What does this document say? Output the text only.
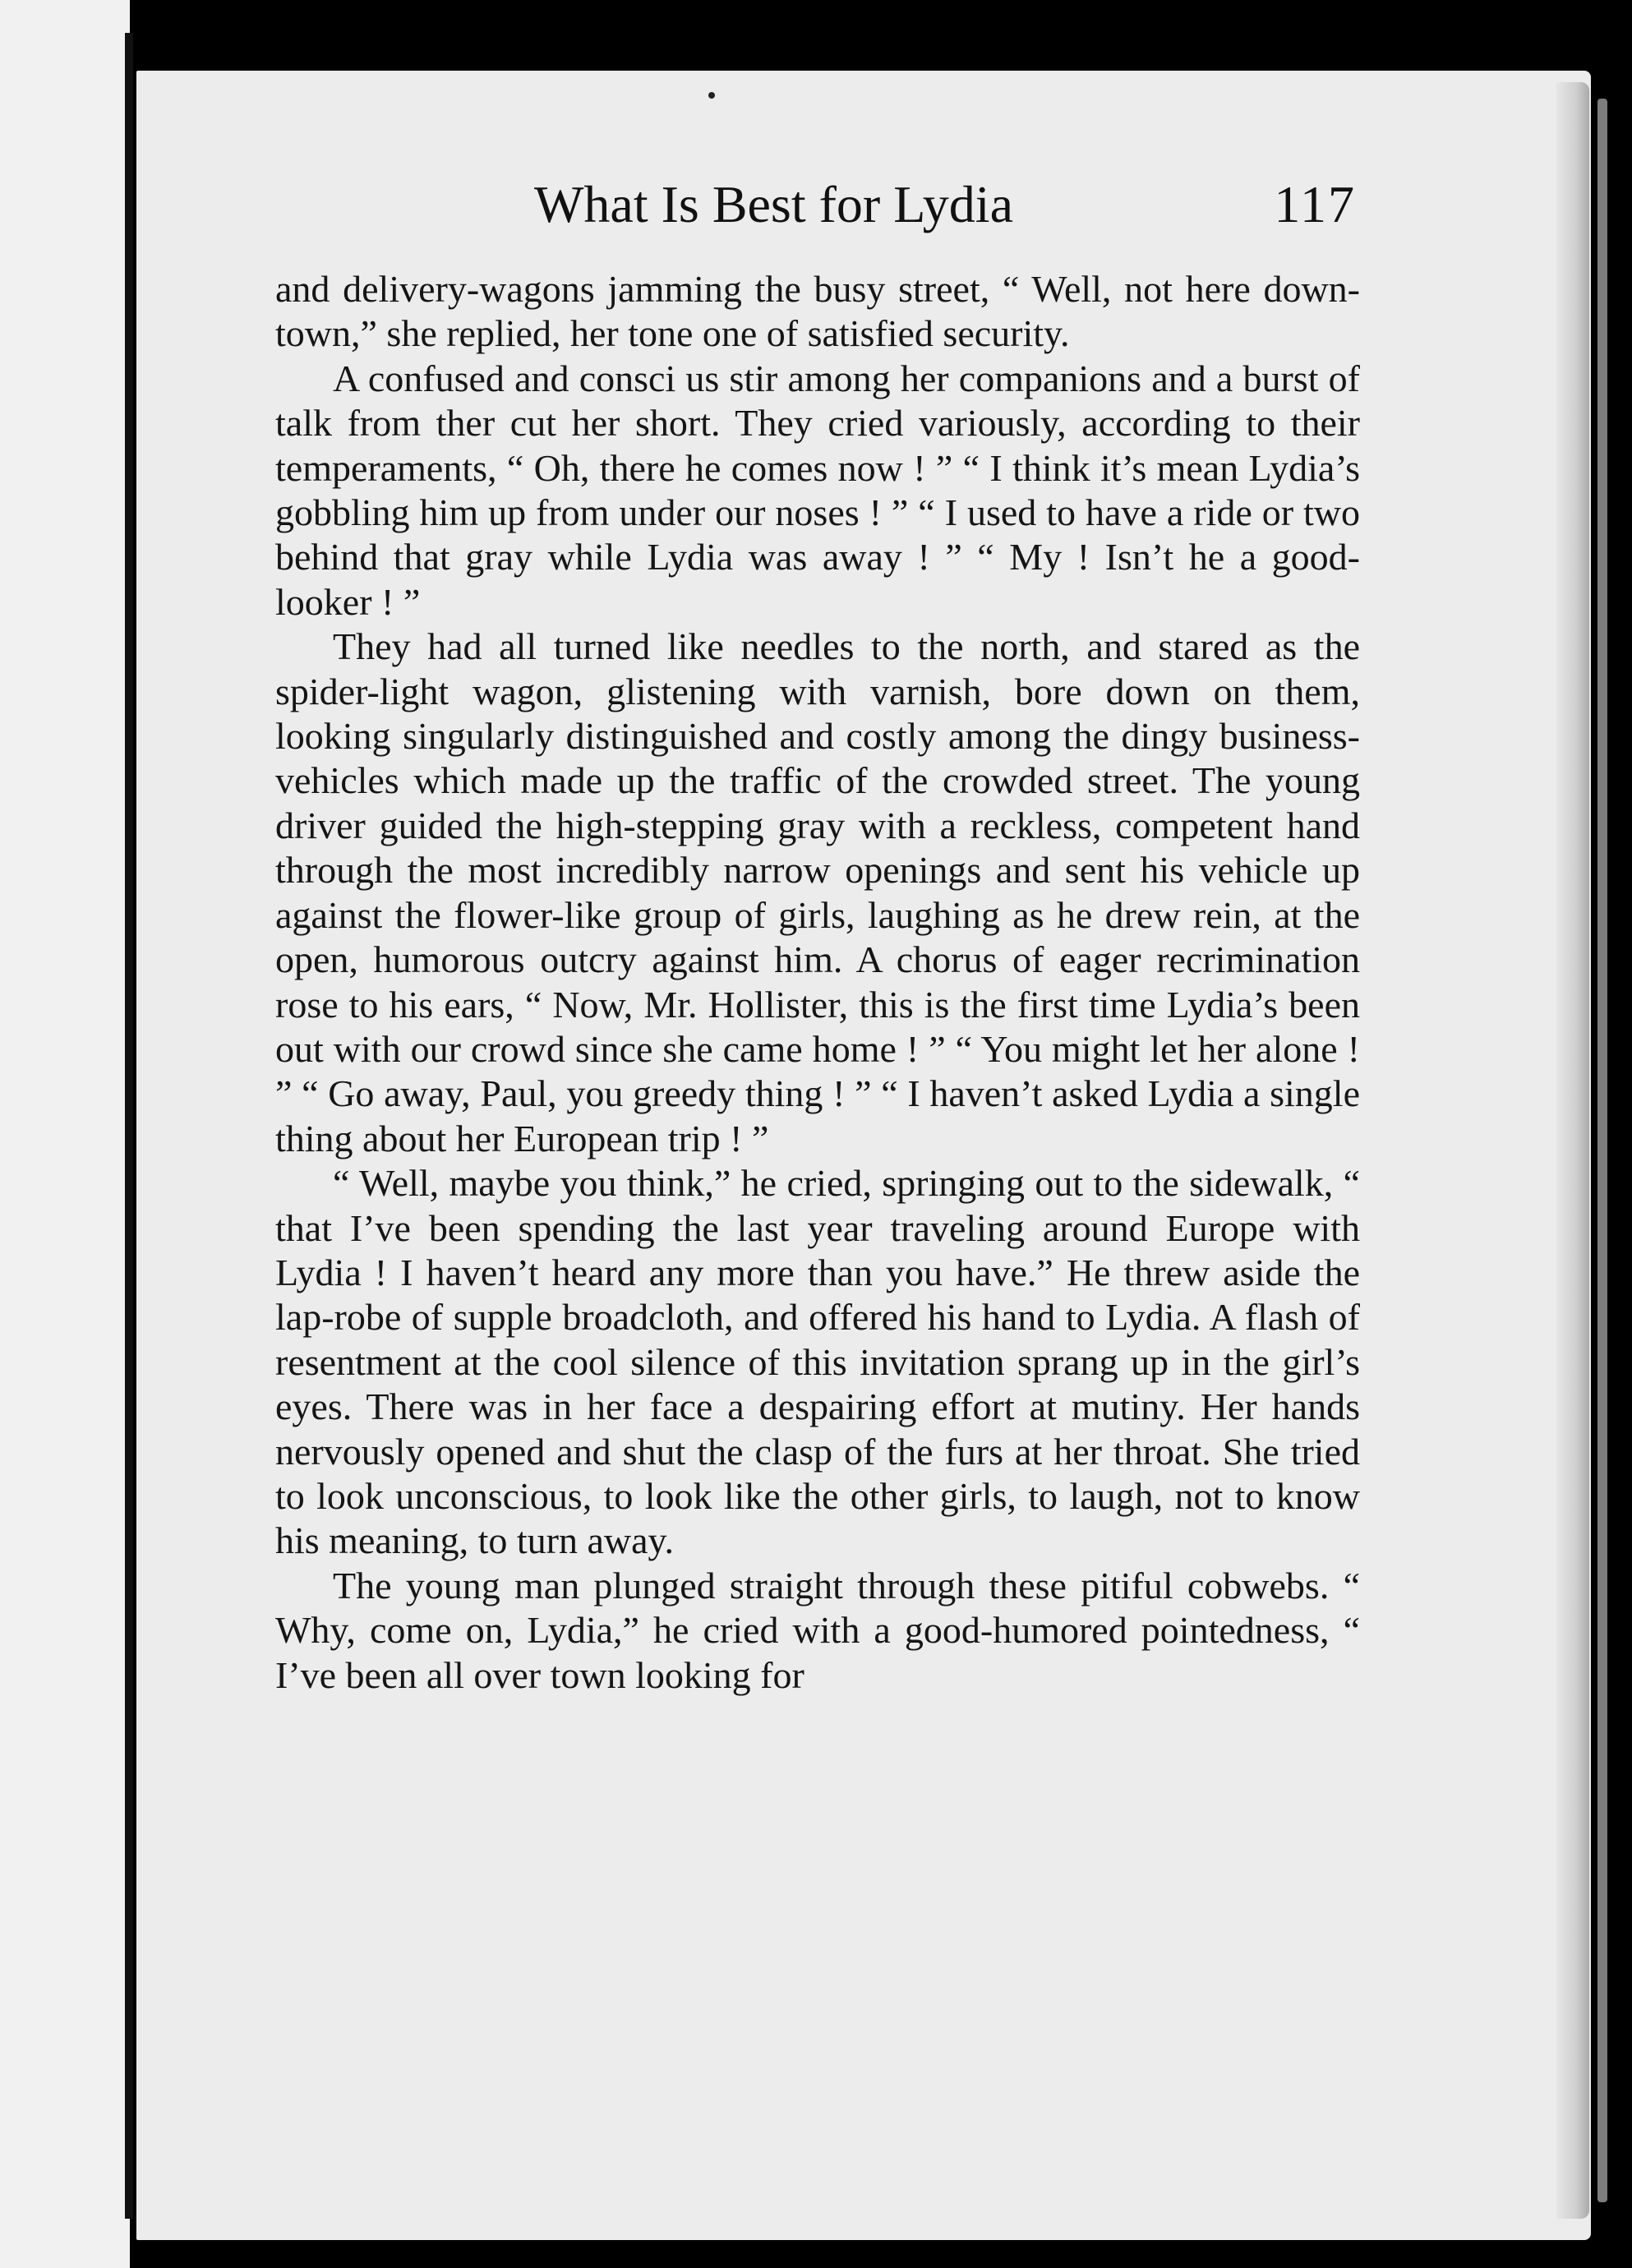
What Is Best for Lydia	117

and delivery-wagons jamming the busy street, “ Well, not here down-town,” she replied, her tone one of satisfied security.

A confused and consci us stir among her companions and a burst of talk from ther cut her short. They cried variously, according to their temperaments, “ Oh, there he comes now ! ” “ I think it’s mean Lydia’s gobbling him up from under our noses ! ” “ I used to have a ride or two behind that gray while Lydia was away ! ” “ My ! Isn’t he a good-looker ! ”

They had all turned like needles to the north, and stared as the spider-light wagon, glistening with varnish, bore down on them, looking singularly distinguished and costly among the dingy business-vehicles which made up the traffic of the crowded street. The young driver guided the high-stepping gray with a reckless, competent hand through the most incredibly narrow openings and sent his vehicle up against the flower-like group of girls, laughing as he drew rein, at the open, humorous outcry against him. A chorus of eager recrimination rose to his ears, “ Now, Mr. Hollister, this is the first time Lydia’s been out with our crowd since she came home ! ” “ You might let her alone ! ” “ Go away, Paul, you greedy thing ! ” “ I haven’t asked Lydia a single thing about her European trip ! ”

“ Well, maybe you think,” he cried, springing out to the sidewalk, “ that I’ve been spending the last year traveling around Europe with Lydia ! I haven’t heard any more than you have.” He threw aside the lap-robe of supple broadcloth, and offered his hand to Lydia. A flash of resentment at the cool silence of this invitation sprang up in the girl’s eyes. There was in her face a despairing effort at mutiny. Her hands nervously opened and shut the clasp of the furs at her throat. She tried to look unconscious, to look like the other girls, to laugh, not to know his meaning, to turn away.

The young man plunged straight through these pitiful cobwebs. “ Why, come on, Lydia,” he cried with a good-humored pointedness, “ I’ve been all over town looking for
